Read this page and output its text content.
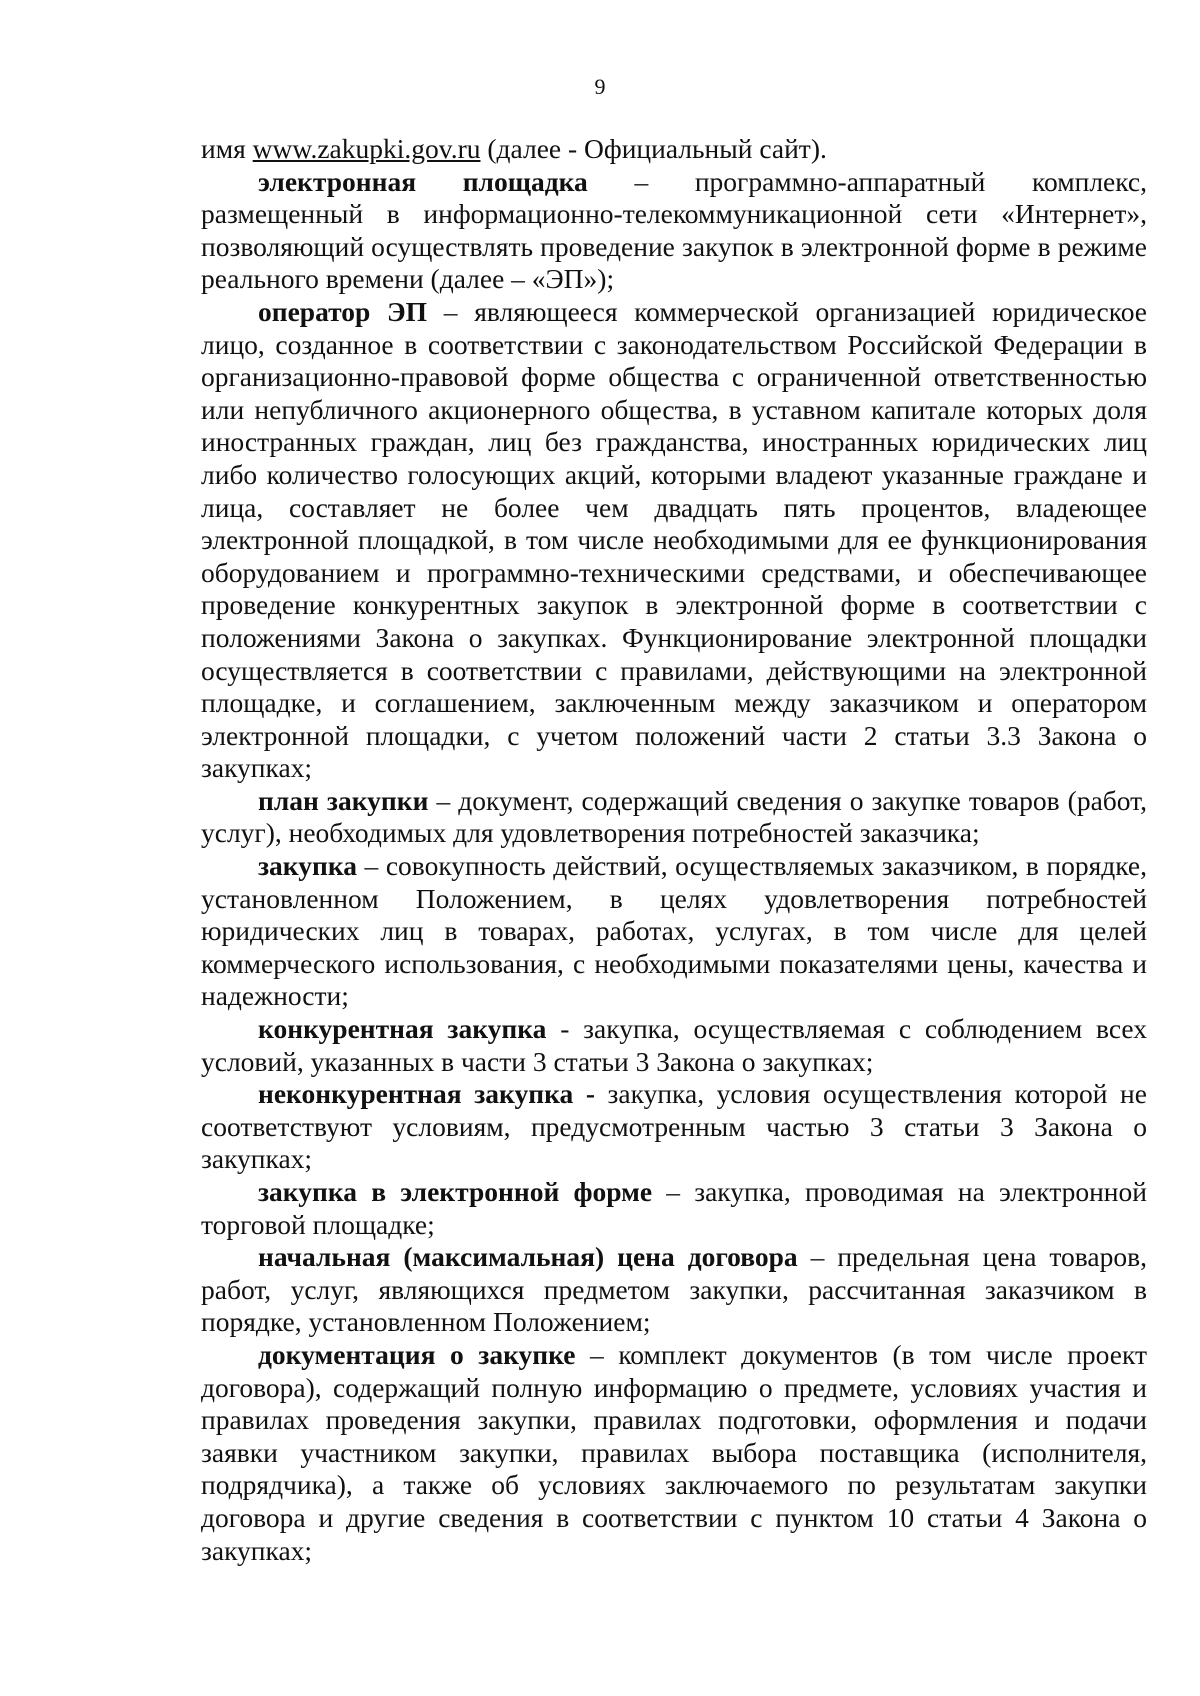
9

имя www.zakupki.gov.ru (далее - Официальный сайт).

электронная площадка – программно-аппаратный комплекс, размещенный в информационно-телекоммуникационной сети «Интернет», позволяющий осуществлять проведение закупок в электронной форме в режиме реального времени (далее – «ЭП»);

оператор ЭП – являющееся коммерческой организацией юридическое лицо, созданное в соответствии с законодательством Российской Федерации в организационно-правовой форме общества с ограниченной ответственностью или непубличного акционерного общества, в уставном капитале которых доля иностранных граждан, лиц без гражданства, иностранных юридических лиц либо количество голосующих акций, которыми владеют указанные граждане и лица, составляет не более чем двадцать пять процентов, владеющее электронной площадкой, в том числе необходимыми для ее функционирования оборудованием и программно-техническими средствами, и обеспечивающее проведение конкурентных закупок в электронной форме в соответствии с положениями Закона о закупках. Функционирование электронной площадки осуществляется в соответствии с правилами, действующими на электронной площадке, и соглашением, заключенным между заказчиком и оператором электронной площадки, с учетом положений части 2 статьи 3.3 Закона о закупках;

план закупки – документ, содержащий сведения о закупке товаров (работ, услуг), необходимых для удовлетворения потребностей заказчика;

закупка – совокупность действий, осуществляемых заказчиком, в порядке, установленном Положением, в целях удовлетворения потребностей юридических лиц в товарах, работах, услугах, в том числе для целей коммерческого использования, с необходимыми показателями цены, качества и надежности;

конкурентная закупка - закупка, осуществляемая с соблюдением всех условий, указанных в части 3 статьи 3 Закона о закупках;

неконкурентная закупка - закупка, условия осуществления которой не соответствуют условиям, предусмотренным частью 3 статьи 3 Закона о закупках;

закупка в электронной форме – закупка, проводимая на электронной торговой площадке;

начальная (максимальная) цена договора – предельная цена товаров, работ, услуг, являющихся предметом закупки, рассчитанная заказчиком в порядке, установленном Положением;

документация о закупке – комплект документов (в том числе проект договора), содержащий полную информацию о предмете, условиях участия и правилах проведения закупки, правилах подготовки, оформления и подачи заявки участником закупки, правилах выбора поставщика (исполнителя, подрядчика), а также об условиях заключаемого по результатам закупки договора и другие сведения в соответствии с пунктом 10 статьи 4 Закона о закупках;
